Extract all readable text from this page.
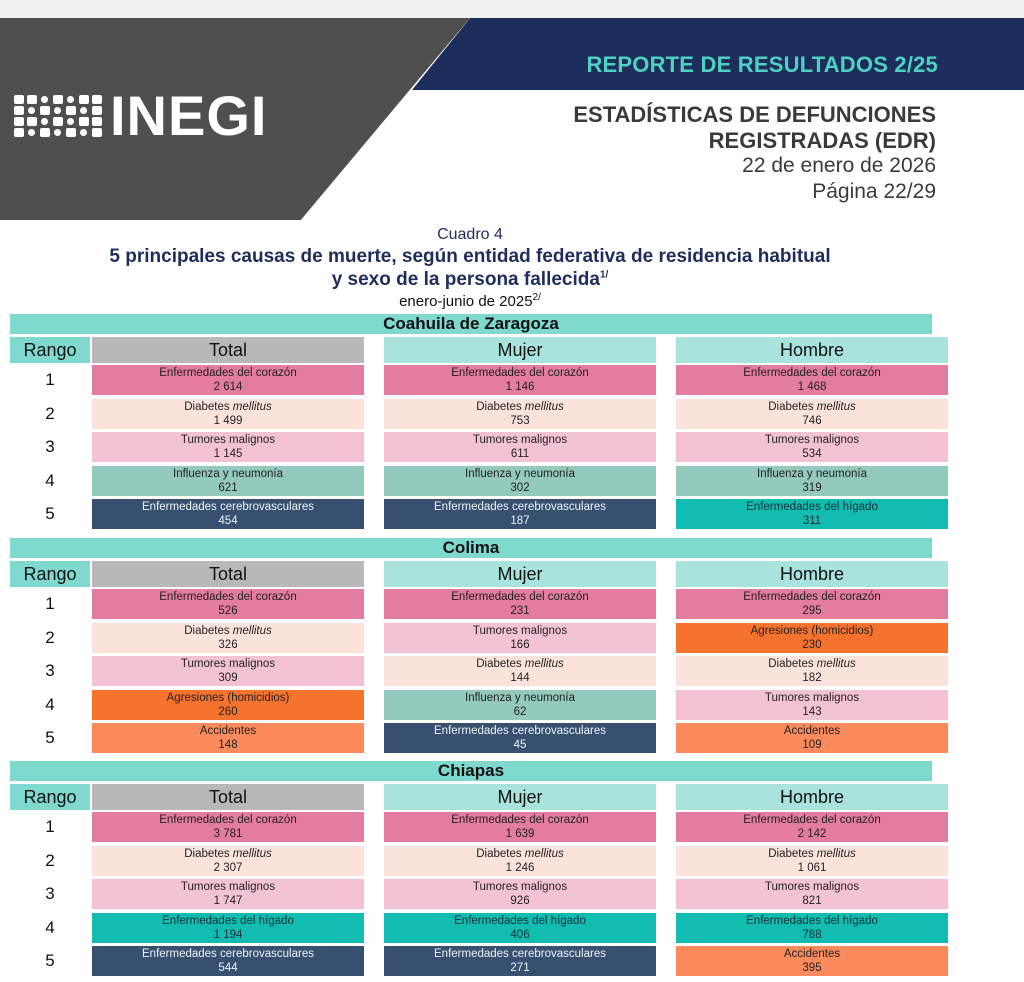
REPORTE DE RESULTADOS 2/25
INEGI	ESTADÍSTICAS DE DEFUNCIONES
REGISTRADAS (EDR)
22 de enero de 2026
Página 22/29
Cuadro 4
5 principales causas de muerte, según entidad federativa de residencia habitual
y sexo de la persona fallecida$^{1/}$
enero-junio de $2025^{2/}$
Coahuila de Zaragoza
Rango	Total	Mujer	Hombre
1	Enfermedades del corazón
2 614
Enfermedades del corazón
1 146
Enfermedades del corazón
1 468
2	Diabetes mellitus
1 499
Diabetes mellitus
753
Diabetes mellitus
746
3	Tumores malignos
1 145
Tumores malignos
611
Tumores malignos
534
4	Influenza y neumonía
621
Influenza y neumonía
302
Influenza y neumonía
319
5	Enfermedades cerebrovasculares
454
Enfermedades cerebrovasculares
187
Enfermedades del hígado
311
Colima
Rango	Total	Mujer	Hombre
1	Enfermedades del corazón
526
Enfermedades del corazón
231
Enfermedades del corazón
295
2	Diabetes mellitus
326
Tumores malignos
166
Agresiones (homicidios)
230
3	Tumores malignos
309
Diabetes mellitus
144
Diabetes mellitus
182
4	Agresiones (homicidios)
260
Influenza y neumonía
62
Tumores malignos
143
5	Accidentes
148
Enfermedades cerebrovasculares
45
Accidentes
109
Chiapas
Rango	Total	Mujer	Hombre
1	Enfermedades del corazón
3 781
Enfermedades del corazón
1 639
Enfermedades del corazón
2 142
2	Diabetes mellitus
2 307
Diabetes mellitus
1 246
Diabetes mellitus
1 061
3	Tumores malignos
1 747
Tumores malignos
926
Tumores malignos
821
4	Enfermedades del hígado
1 194
Enfermedades del hígado
406
Enfermedades del hígado
788
5	Enfermedades cerebrovasculares
544
Enfermedades cerebrovasculares
271
Accidentes
395
